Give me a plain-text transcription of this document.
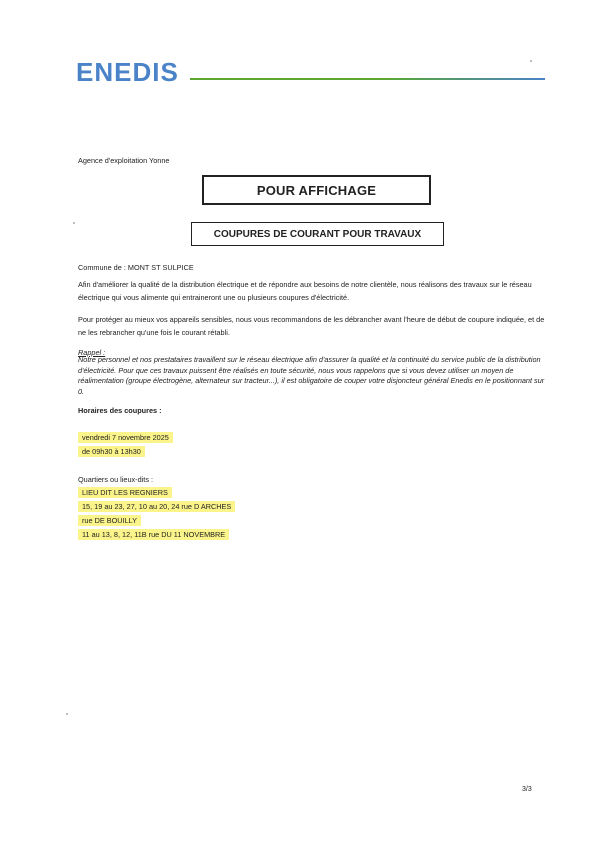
ENEDIS
Agence d'exploitation Yonne
POUR AFFICHAGE
COUPURES DE COURANT POUR TRAVAUX
Commune de : MONT ST SULPICE
Afin d'améliorer la qualité de la distribution électrique et de répondre aux besoins de notre clientèle, nous réalisons des travaux sur le réseau électrique qui vous alimente qui entraineront une ou plusieurs coupures d'électricité.
Pour protéger au mieux vos appareils sensibles, nous vous recommandons de les débrancher avant l'heure de début de coupure indiquée, et de ne les rebrancher qu'une fois le courant rétabli.
Rappel :
Notre personnel et nos prestataires travaillent sur le réseau électrique afin d'assurer la qualité et la continuité du service public de la distribution d'électricité. Pour que ces travaux puissent être réalisés en toute sécurité, nous vous rappelons que si vous devez utiliser un moyen de réalimentation (groupe électrogène, alternateur sur tracteur...), il est obligatoire de couper votre disjoncteur général Enedis en le positionnant sur 0.
Horaires des coupures :
vendredi 7 novembre 2025
de 09h30 à 13h30
Quartiers ou lieux-dits :
LIEU DIT LES REGNIERS
15, 19 au 23, 27, 10 au 20, 24 rue D ARCHES
rue DE BOUILLY
11 au 13, 8, 12, 11B rue DU 11 NOVEMBRE
3/3
